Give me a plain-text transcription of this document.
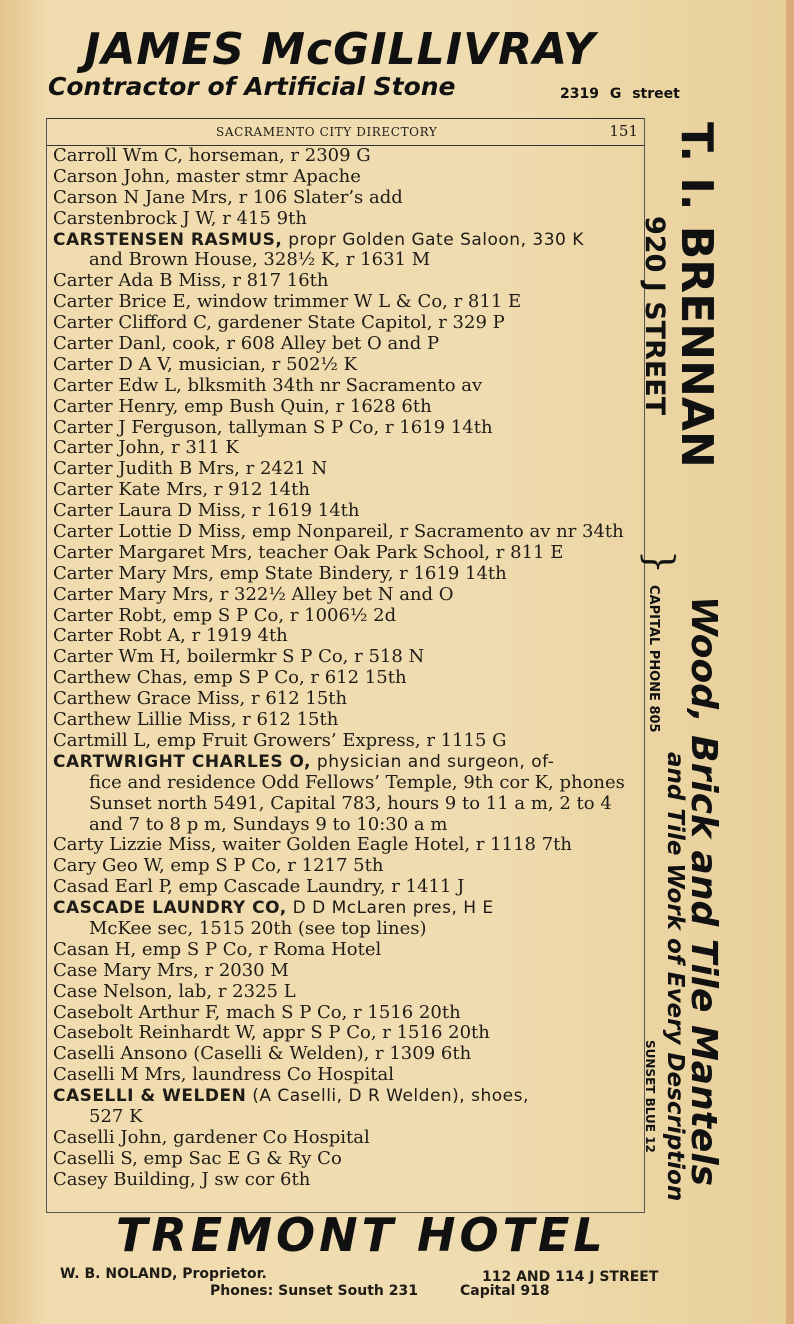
JAMES McGILLIVRAY
Contractor of Artificial Stone	2319 G street
SACRAMENTO CITY DIRECTORY	151
Carroll Wm C, horseman, r 2309 G
Carson John, master stmr Apache
Carson N Jane Mrs, r 106 Slater’s add
Carstenbrock J W, r 415 9th
CARSTENSEN RASMUS, propr Golden Gate Saloon, 330 K
and Brown House, 328½ K, r 1631 M
Carter Ada B Miss, r 817 16th
Carter Brice E, window trimmer W L & Co, r 811 E
Carter Clifford C, gardener State Capitol, r 329 P
Carter Danl, cook, r 608 Alley bet O and P
Carter D A V, musician, r 502½ K
Carter Edw L, blksmith 34th nr Sacramento av
Carter Henry, emp Bush Quin, r 1628 6th
Carter J Ferguson, tallyman S P Co, r 1619 14th
Carter John, r 311 K
Carter Judith B Mrs, r 2421 N
Carter Kate Mrs, r 912 14th
Carter Laura D Miss, r 1619 14th
Carter Lottie D Miss, emp Nonpareil, r Sacramento av nr 34th
Carter Margaret Mrs, teacher Oak Park School, r 811 E
Carter Mary Mrs, emp State Bindery, r 1619 14th
Carter Mary Mrs, r 322½ Alley bet N and O
Carter Robt, emp S P Co, r 1006½ 2d
Carter Robt A, r 1919 4th
Carter Wm H, boilermkr S P Co, r 518 N
Carthew Chas, emp S P Co, r 612 15th
Carthew Grace Miss, r 612 15th
Carthew Lillie Miss, r 612 15th
Cartmill L, emp Fruit Growers’ Express, r 1115 G
CARTWRIGHT CHARLES O, physician and surgeon, of-
fice and residence Odd Fellows’ Temple, 9th cor K, phones
Sunset north 5491, Capital 783, hours 9 to 11 a m, 2 to 4
and 7 to 8 p m, Sundays 9 to 10:30 a m
Carty Lizzie Miss, waiter Golden Eagle Hotel, r 1118 7th
Cary Geo W, emp S P Co, r 1217 5th
Casad Earl P, emp Cascade Laundry, r 1411 J
CASCADE LAUNDRY CO, D D McLaren pres, H E
McKee sec, 1515 20th (see top lines)
Casan H, emp S P Co, r Roma Hotel
Case Mary Mrs, r 2030 M
Case Nelson, lab, r 2325 L
Casebolt Arthur F, mach S P Co, r 1516 20th
Casebolt Reinhardt W, appr S P Co, r 1516 20th
Caselli Ansono (Caselli & Welden), r 1309 6th
Caselli M Mrs, laundress Co Hospital
CASELLI & WELDEN (A Caselli, D R Welden), shoes,
527 K
Caselli John, gardener Co Hospital
Caselli S, emp Sac E G & Ry Co
Casey Building, J sw cor 6th
T. I. BRENNAN
920 J STREET
CAPITAL PHONE 805
}
Wood, Brick and Tile Mantels
and Tile Work of Every Description
SUNSET BLUE 12
TREMONT HOTEL
W. B. NOLAND, Proprietor.
Phones: Sunset South 231
112 AND 114 J STREET
Capital 918
